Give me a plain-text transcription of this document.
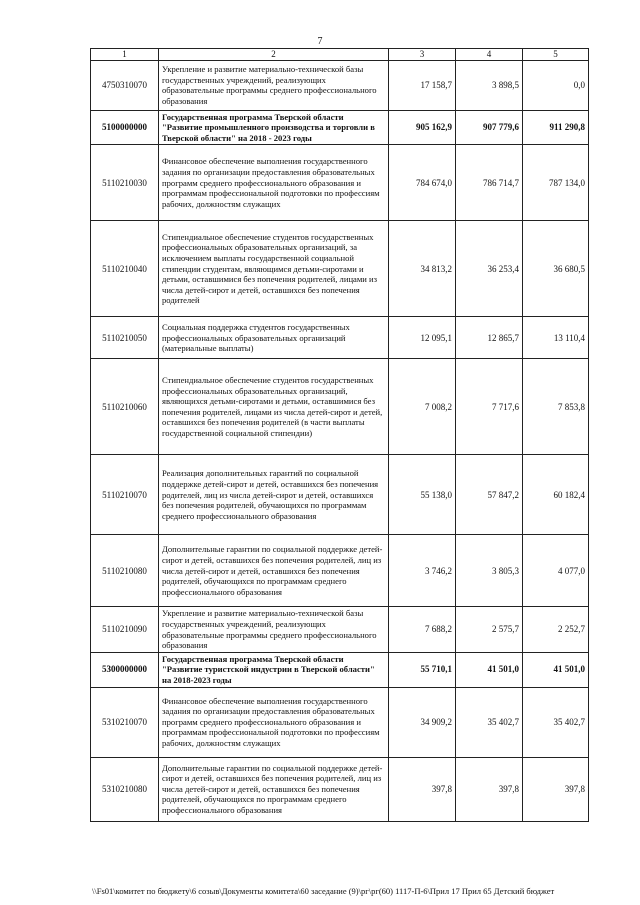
7
1	2	3	4	5
4750310070	Укрепление и развитие материально-технической базы государственных учреждений, реализующих образовательные программы среднего профессионального образования	17 158,7	3 898,5	0,0
5100000000	Государственная программа Тверской области "Развитие промышленного производства и торговли в Тверской области" на 2018 - 2023 годы	905 162,9	907 779,6	911 290,8
5110210030	Финансовое обеспечение выполнения государственного задания по организации предоставления образовательных программ среднего профессионального образования и программам профессиональной подготовки по профессиям рабочих, должностям служащих	784 674,0	786 714,7	787 134,0
5110210040	Стипендиальное обеспечение студентов государственных профессиональных образовательных организаций, за исключением выплаты государственной социальной стипендии студентам, являющимся детьми-сиротами и детьми, оставшимися без попечения родителей, лицами из числа детей-сирот и детей, оставшихся без попечения родителей	34 813,2	36 253,4	36 680,5
5110210050	Социальная поддержка студентов государственных профессиональных образовательных организаций (материальные выплаты)	12 095,1	12 865,7	13 110,4
5110210060	Стипендиальное обеспечение студентов государственных профессиональных образовательных организаций, являющихся детьми-сиротами и детьми, оставшимися без попечения родителей, лицами из числа детей-сирот и детей, оставшихся без попечения родителей (в части выплаты государственной социальной стипендии)	7 008,2	7 717,6	7 853,8
5110210070	Реализация дополнительных гарантий по социальной поддержке детей-сирот и детей, оставшихся без попечения родителей, лиц из числа детей-сирот и детей, оставшихся без попечения родителей, обучающихся по программам среднего профессионального образования	55 138,0	57 847,2	60 182,4
5110210080	Дополнительные гарантии по социальной поддержке детей-сирот и детей, оставшихся без попечения родителей, лиц из числа детей-сирот и детей, оставшихся без попечения родителей, обучающихся по программам среднего профессионального образования	3 746,2	3 805,3	4 077,0
5110210090	Укрепление и развитие материально-технической базы государственных учреждений, реализующих образовательные программы среднего профессионального образования	7 688,2	2 575,7	2 252,7
5300000000	Государственная программа Тверской области "Развитие туристской индустрии в Тверской области" на 2018-2023 годы	55 710,1	41 501,0	41 501,0
5310210070	Финансовое обеспечение выполнения государственного задания по организации предоставления образовательных программ среднего профессионального образования и программам профессиональной подготовки по профессиям рабочих, должностям служащих	34 909,2	35 402,7	35 402,7
5310210080	Дополнительные гарантии по социальной поддержке детей-сирот и детей, оставшихся без попечения родителей, лиц из числа детей-сирот и детей, оставшихся без попечения родителей, обучающихся по программам среднего профессионального образования	397,8	397,8	397,8
\\Fs01\комитет по бюджету\6 созыв\Документы комитета\60 заседание (9)\рг\рг(60) 1117-П-6\Прил 17 Прил 65 Детский бюджет
